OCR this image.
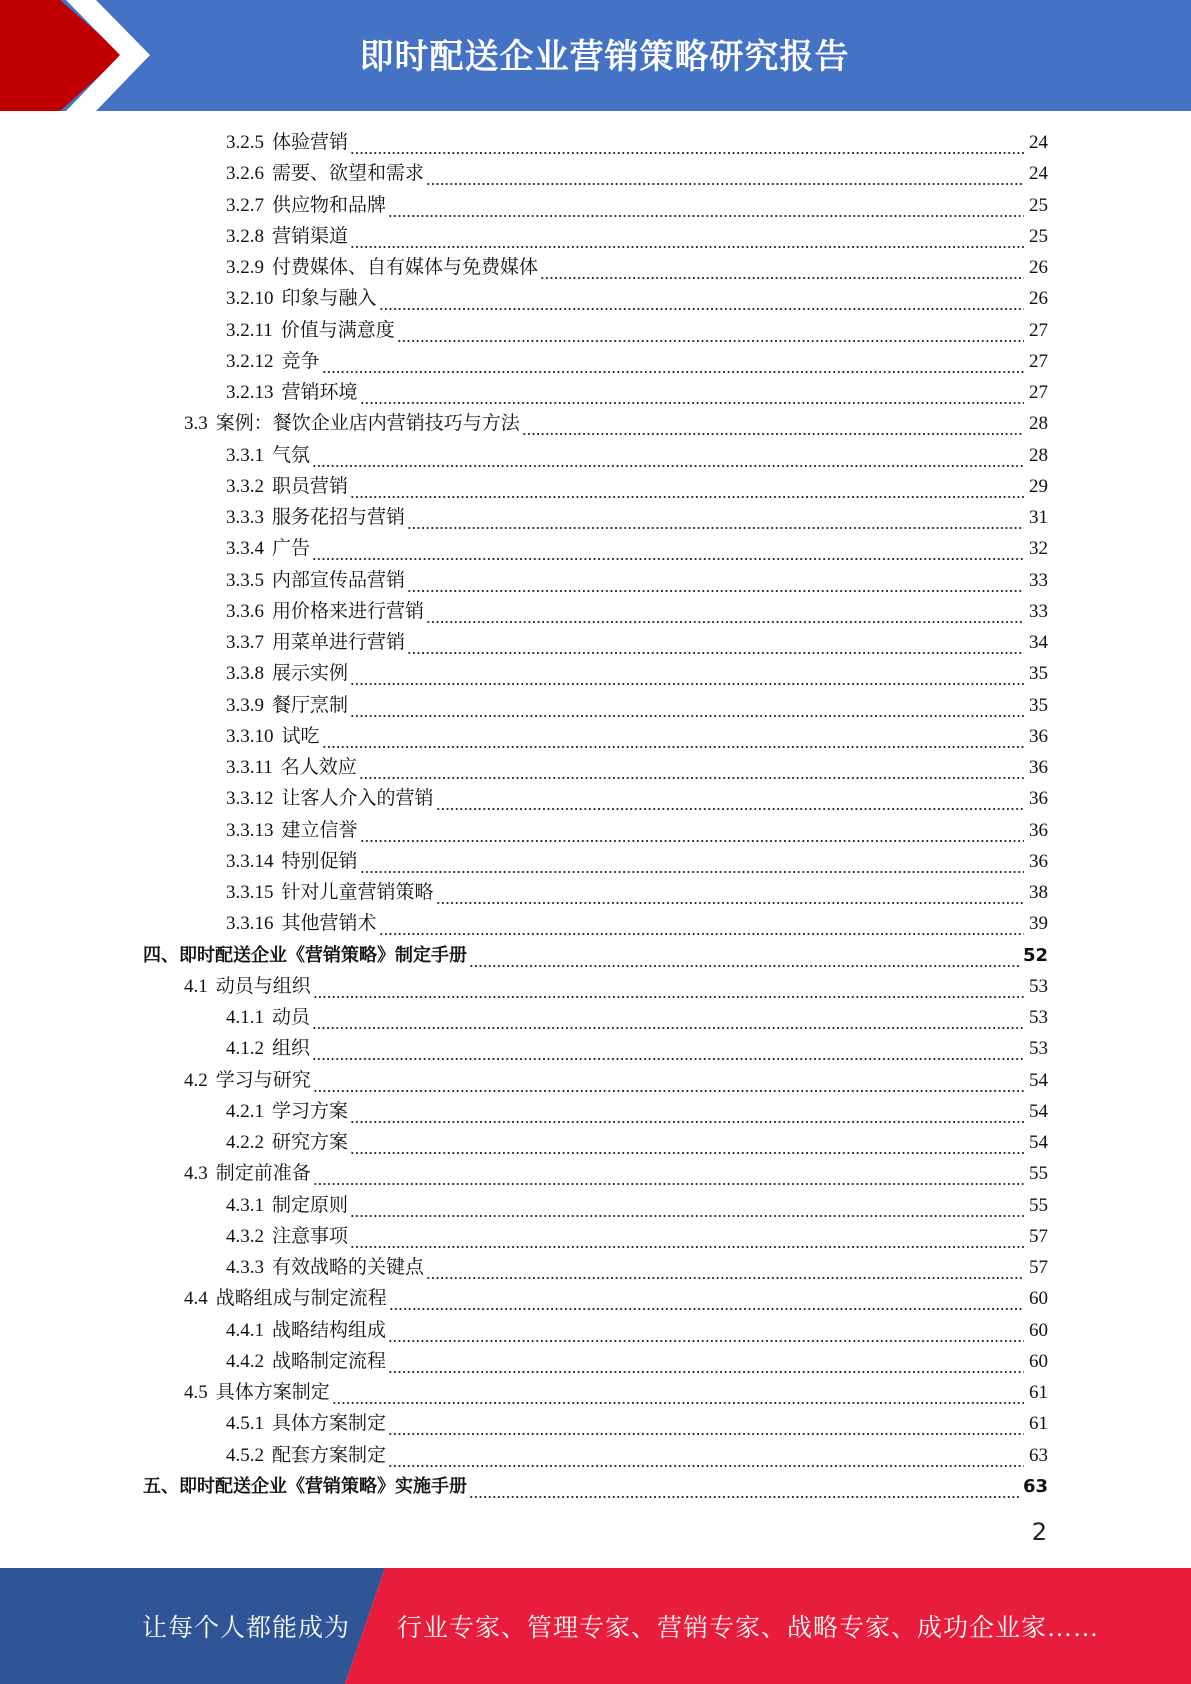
即时配送企业营销策略研究报告
3.2.5 体验营销	24
3.2.6 需要、欲望和需求	24
3.2.7 供应物和品牌	25
3.2.8 营销渠道	25
3.2.9 付费媒体、自有媒体与免费媒体	26
3.2.10 印象与融入	26
3.2.11 价值与满意度	27
3.2.12 竞争	27
3.2.13 营销环境	27
3.3 案例：餐饮企业店内营销技巧与方法	28
3.3.1 气氛	28
3.3.2 职员营销	29
3.3.3 服务花招与营销	31
3.3.4 广告	32
3.3.5 内部宣传品营销	33
3.3.6 用价格来进行营销	33
3.3.7 用菜单进行营销	34
3.3.8 展示实例	35
3.3.9 餐厅烹制	35
3.3.10 试吃	36
3.3.11 名人效应	36
3.3.12 让客人介入的营销	36
3.3.13 建立信誉	36
3.3.14 特别促销	36
3.3.15 针对儿童营销策略	38
3.3.16 其他营销术	39
四、 即时配送企业《营销策略》制定手册	52
4.1 动员与组织	53
4.1.1 动员	53
4.1.2 组织	53
4.2 学习与研究	54
4.2.1 学习方案	54
4.2.2 研究方案	54
4.3 制定前准备	55
4.3.1 制定原则	55
4.3.2 注意事项	57
4.3.3 有效战略的关键点	57
4.4 战略组成与制定流程	60
4.4.1 战略结构组成	60
4.4.2 战略制定流程	60
4.5 具体方案制定	61
4.5.1 具体方案制定	61
4.5.2 配套方案制定	63
五、 即时配送企业《营销策略》实施手册	63
2
让每个人都能成为 行业专家、管理专家、营销专家、战略专家、成功企业家……
